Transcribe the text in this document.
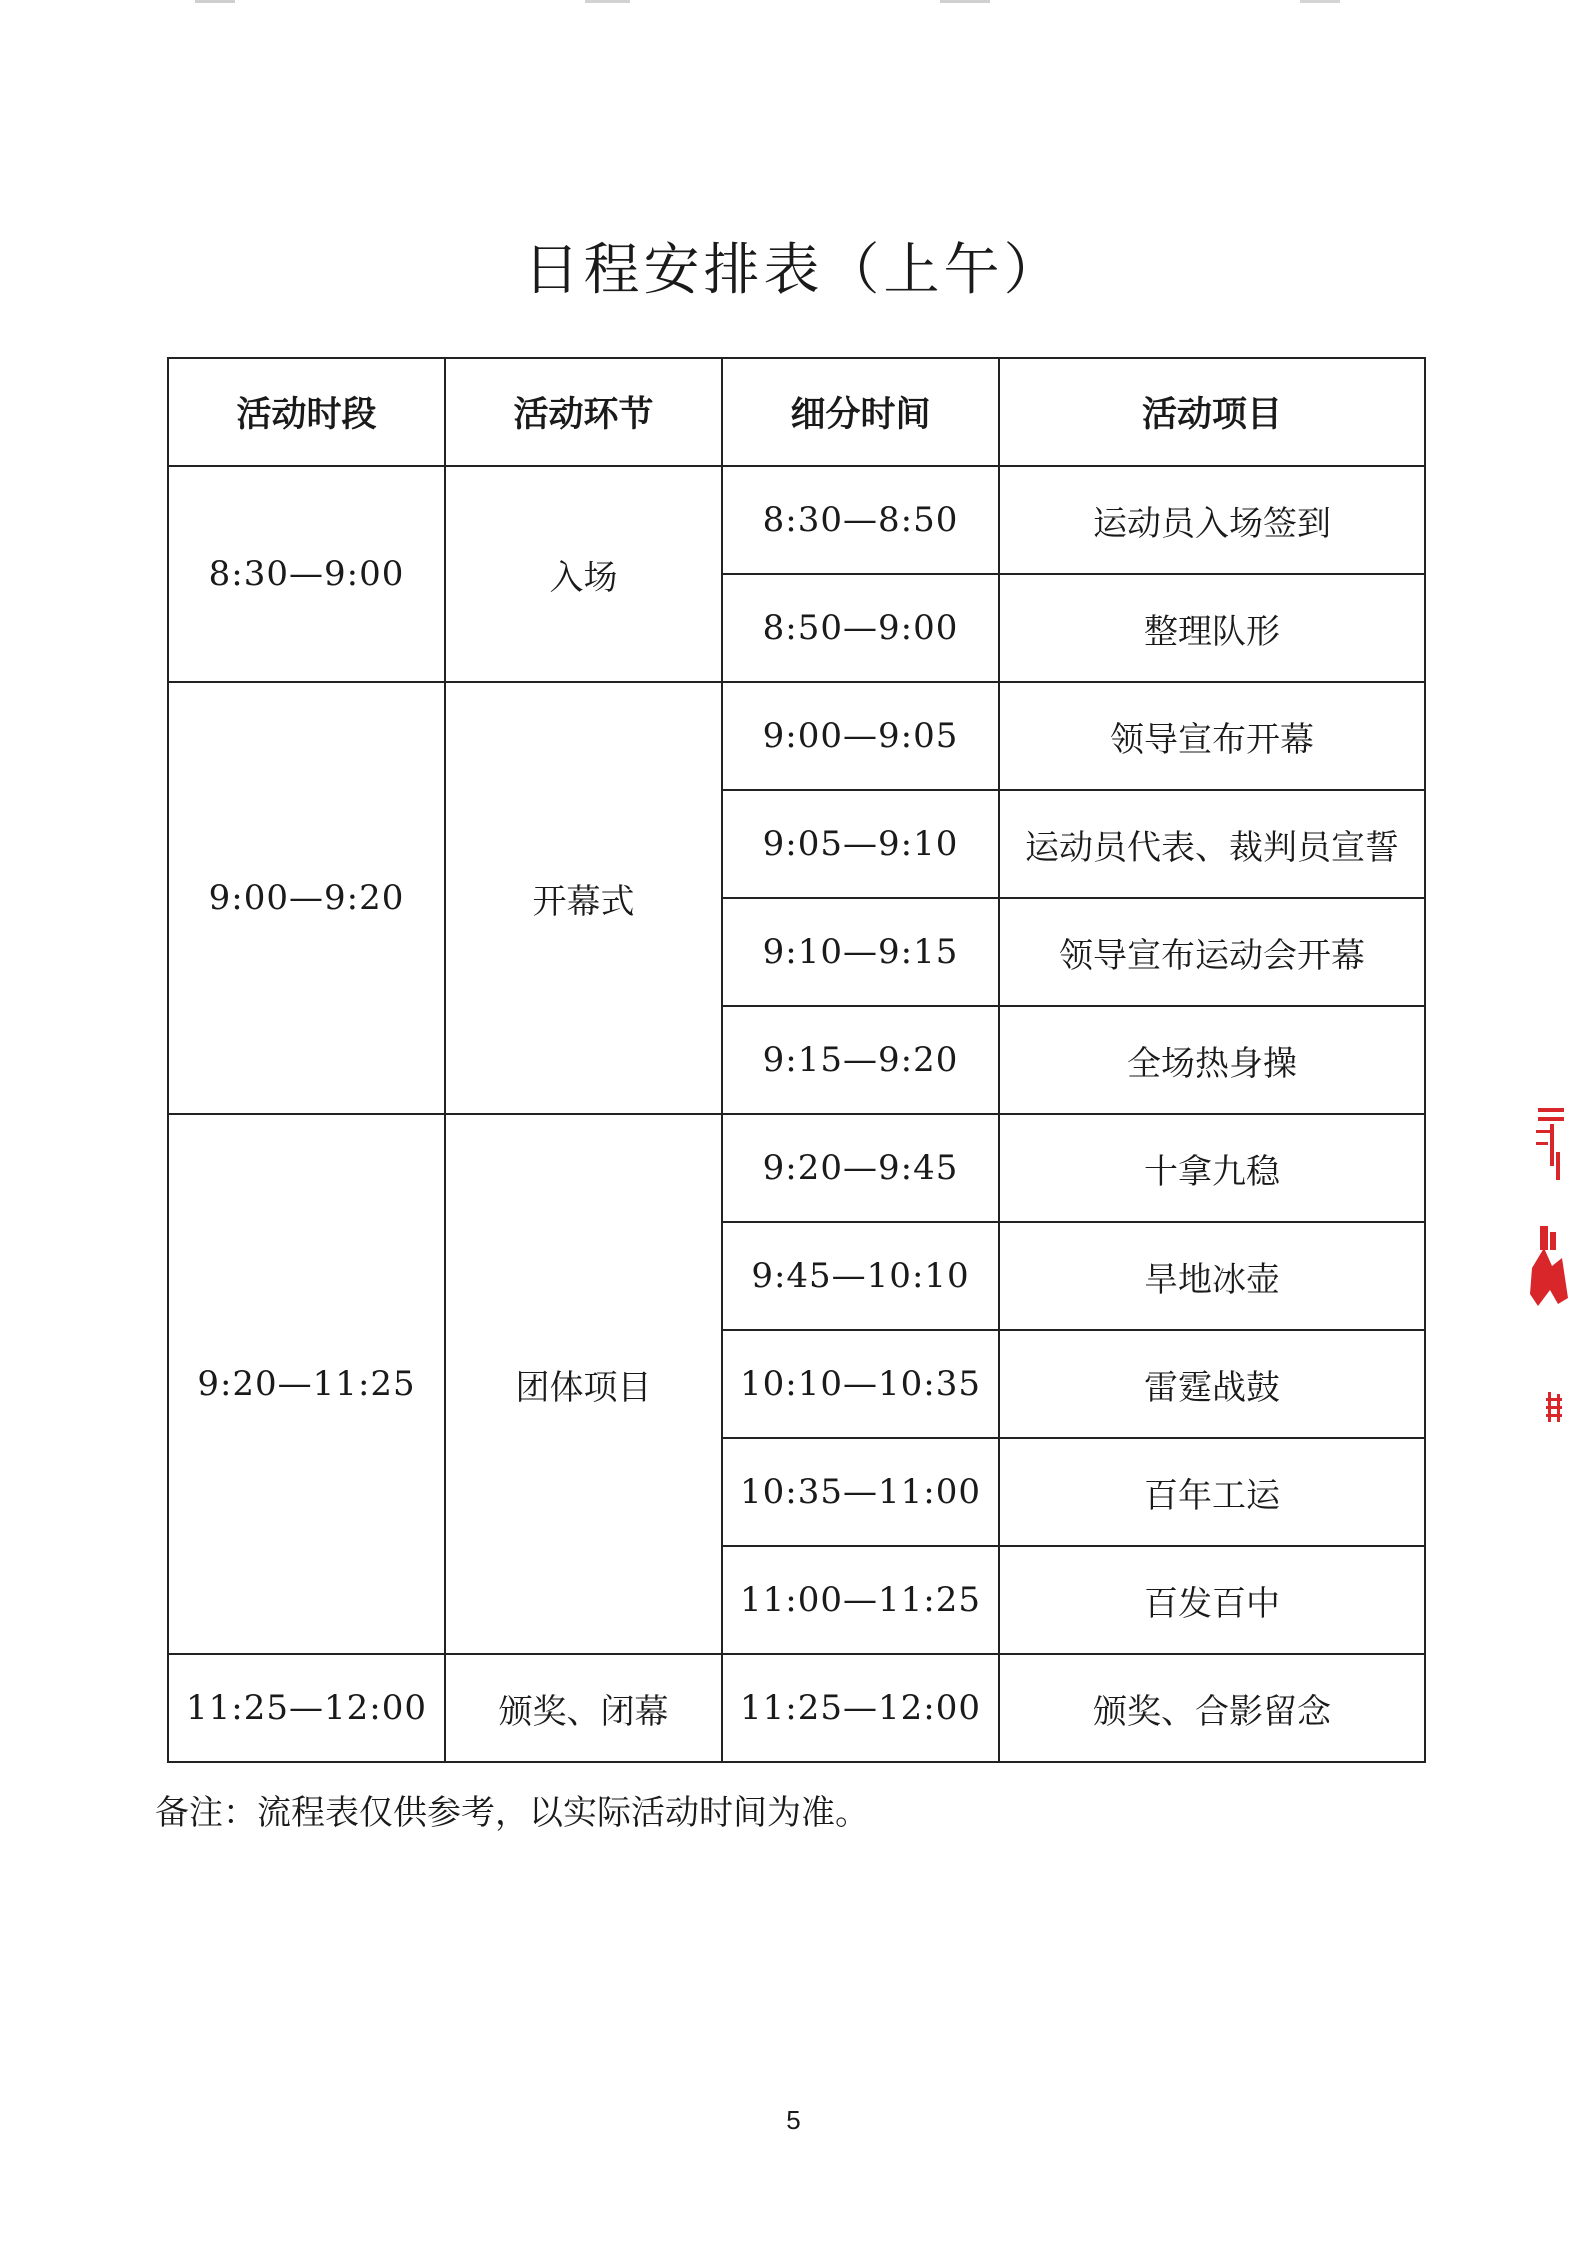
日程安排表（上午）
活动时段	活动环节	细分时间	活动项目
8:30—9:00	入场	8:30—8:50	运动员入场签到
		8:50—9:00	整理队形
9:00—9:20	开幕式	9:00—9:05	领导宣布开幕
		9:05—9:10	运动员代表、裁判员宣誓
		9:10—9:15	领导宣布运动会开幕
		9:15—9:20	全场热身操
9:20—11:25	团体项目	9:20—9:45	十拿九稳
		9:45—10:10	旱地冰壶
		10:10—10:35	雷霆战鼓
		10:35—11:00	百年工运
		11:00—11:25	百发百中
11:25—12:00	颁奖、闭幕	11:25—12:00	颁奖、合影留念
备注：流程表仅供参考，以实际活动时间为准。
5
